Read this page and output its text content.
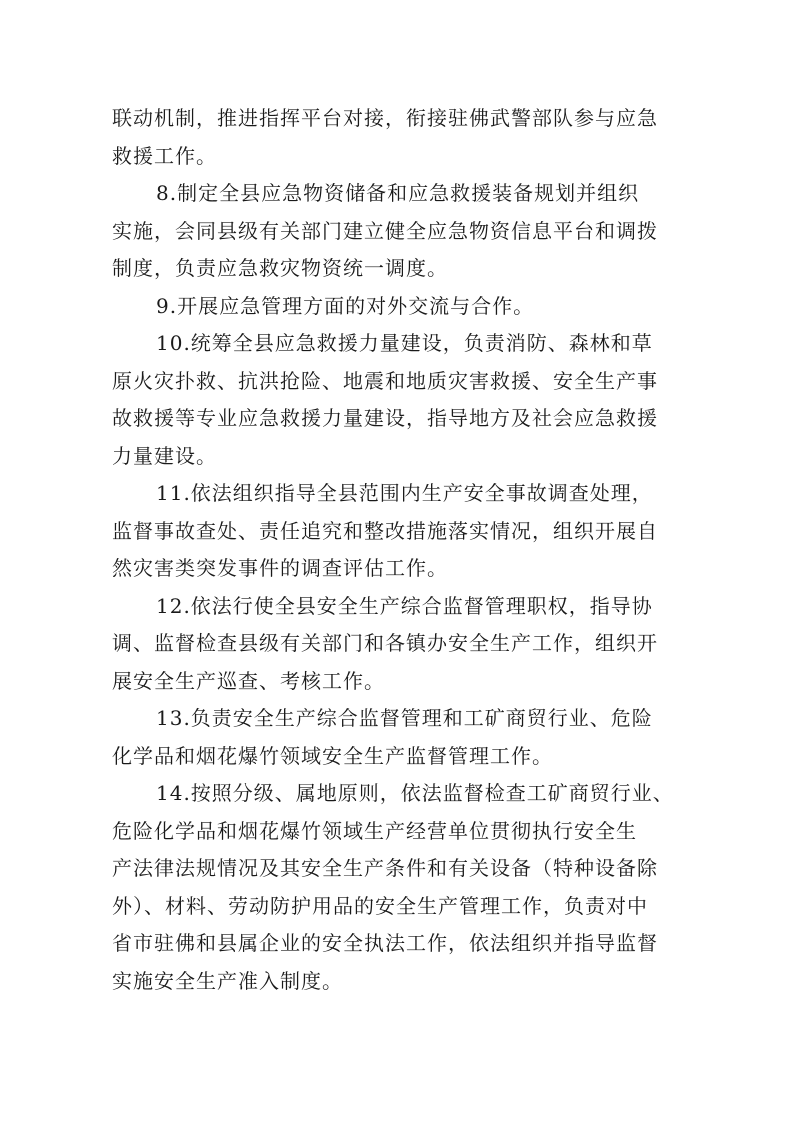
联动机制，推进指挥平台对接，衔接驻佛武警部队参与应急
救援工作。
8.制定全县应急物资储备和应急救援装备规划并组织
实施，会同县级有关部门建立健全应急物资信息平台和调拨
制度，负责应急救灾物资统一调度。
9.开展应急管理方面的对外交流与合作。
10.统筹全县应急救援力量建设，负责消防、森林和草
原火灾扑救、抗洪抢险、地震和地质灾害救援、安全生产事
故救援等专业应急救援力量建设，指导地方及社会应急救援
力量建设。
11.依法组织指导全县范围内生产安全事故调查处理，
监督事故查处、责任追究和整改措施落实情况，组织开展自
然灾害类突发事件的调查评估工作。
12.依法行使全县安全生产综合监督管理职权，指导协
调、监督检查县级有关部门和各镇办安全生产工作，组织开
展安全生产巡查、考核工作。
13.负责安全生产综合监督管理和工矿商贸行业、危险
化学品和烟花爆竹领域安全生产监督管理工作。
14.按照分级、属地原则，依法监督检查工矿商贸行业、
危险化学品和烟花爆竹领域生产经营单位贯彻执行安全生
产法律法规情况及其安全生产条件和有关设备（特种设备除
外）、材料、劳动防护用品的安全生产管理工作，负责对中
省市驻佛和县属企业的安全执法工作，依法组织并指导监督
实施安全生产准入制度。
